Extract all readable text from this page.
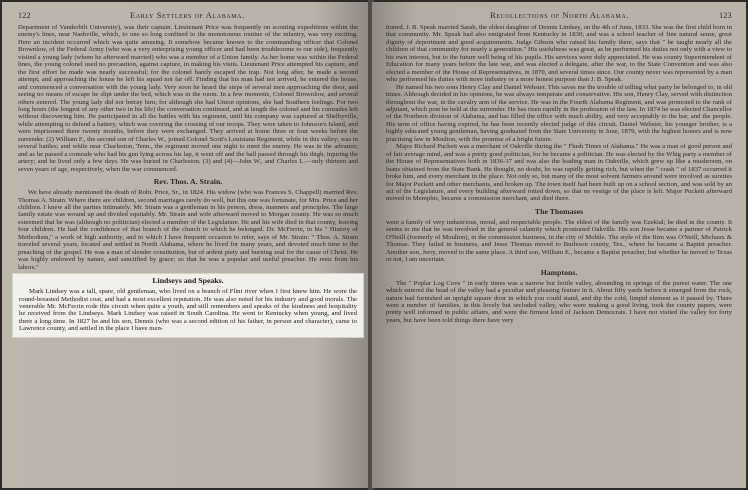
122	Early Settlers of Alabama.

Department of Vanderbilt University), was their captain. Lieutenant Price was frequently on scouting expeditions within the enemy's lines, near Nashville, which, to one so long confined to the monotonous routine of the infantry, was very exciting. Here an incident occurred which was quite amusing. It somehow became known to the commanding officer that Colonel Brownlow, of the Federal Army (who was a very enterprising young officer and had been troublesome to our side), frequently visited a young lady (whom he afterward married) who was a member of a Union family. As her home was within the Federal lines, the young colonel used no precaution, against capture, in making his visits. Lieutenant Price attempted his capture, and the first effort he made was nearly successful; for the colonel barely escaped the trap. Not long after, he made a second attempt, and approaching the house he left his squad not far off. Finding that his man had not arrived, he entered the house, and commenced a conversation with the young lady. Very soon he heard the steps of several men approaching the door, and seeing no means of escape he slipt under the bed, which was in the room. In a few moments, Colonel Brownlow, and several others entered. The young lady did not betray him; for although she had Union opinions, she had Southern feelings. For two long hours (the longest of any other two in his life) the conversation continued, and at length the colonel and his comrades left without discovering him. He participated in all the battles with his regiment, until his company was captured at Shelbyville, while attempting to defend a battery, which was covering the crossing of our troops. They were taken to Johnson's Island, and were imprisoned there twenty months, before they were exchanged. They arrived at home three or four weeks before the surrender. (2) William F., the second son of Charles W., joined Colonel Scott's Louisiana Regiment, while in this valley; was in several battles; and while near Charleston, Tenn., the regiment moved one night to meet the enemy. He was in the advance; and as he passed a comrade who had his gun lying across his lap, it went off and the ball passed through his thigh, injuring the artery; and he lived only a few days. He was buried in Charleston. (3) and (4)—John W., and Charles L.—only thirteen and seven years of age, respectively, when the war commenced.

Rev. Thos. A. Strain.

We have already mentioned the death of Robt. Price, Sr., in 1824. His widow (who was Frances S. Chappell) married Rev. Thomas A. Strain. Where there are children, second marriages rarely do well, but this one was fortunate, for Mrs. Price and her children. I knew all the parties intimately. Mr. Strain was a gentleman in his person, dress, manners and principles. The large family estate was wound up and divided equitably. Mr. Strain and wife afterward moved to Morgan county. He was so much esteemed that he was (although no politician) elected a member of the Legislature. He and his wife died in that county, leaving four children. He had the confidence of that branch of the church to which he belonged. Dr. McFerrin, in his " History of Methodism," a work of high authority, and to which I have frequent occasion to refer, says of Mr. Strain: " Thos. A. Strain traveled several years, located and settled in North Alabama, where he lived for many years, and devoted much time to the preaching of the gospel. He was a man of slender constitution, but of ardent piety and burning zeal for the cause of Christ. He was highly endowed by nature, and sanctified by grace; so that he was a popular and useful preacher. He rests from his labors."

Lindseys and Speaks.

Mark Lindsey was a tall, spare, old gentleman, who lived on a branch of Flint river when I first knew him. He wore the round-breasted Methodist coat, and had a most excellent reputation. He was also noted for his industry and good morals. The venerable Mr. McFerrin rode this circuit when quite a youth, and still remembers and speaks of the kindness and hospitality he received from the Lindseys. Mark Lindsey was raised in South Carolina. He went to Kentucky when young, and lived there a long time. In 1827 he and his son, Dennis (who was a second edition of his father, in person and character), came to Lawrence county, and settled in the place I have men-

Recollections of North Alabama.	123

tioned. J. B. Speak married Sarah, the eldest daughter of Dennis Lindsey, on the 4th of June, 1833. She was the first child born in that community. Mr. Speak had also emigrated from Kentucky in 1830; and was a school teacher of fine natural sense, great dignity of deportment and good acquirements. Judge Gibson who raised his family there, says that " he taught nearly all the children of that community for nearly a generation." His usefulness was great, as he performed his duties not only with a view to his own interest, but to the future well being of his pupils. His services were duly appreciated. He was county Superintendent of Education for many years before the late war, and was elected a delegate, after the war, to the State Convention and was also elected a member of the House of Representatives, in 1870, and several times since. Our county never was represented by a man who performed his duties with more industry or a more honest purpose than J. B. Speak.

He named his two sons Henry Clay and Daniel Webster. This saves me the trouble of telling what party he belonged to, in old times. Although decided in his opinions, he was always temperate and conservative. His son, Henry Clay, served with distinction throughout the war, in the cavalry arm of the service. He was in the Fourth Alabama Regiment, and was promoted to the rank of adjutant, which post he held at the surrender. He has risen rapidly in the profession of the law. In 1874 he was elected Chancellor of the Northern division of Alabama, and has filled the office with much ability, and very acceptably to the bar, and the people. His term of office having expired, he has been recently elected judge of this circuit. Daniel Webster, his younger brother, is a highly educated young gentleman, having graduated from the State University in June, 1879, with the highest honors and is now practising law in Moulton, with the promise of a bright future.

Major Richard Puckett was a merchant of Oakville during the " Flush Times of Alabama." He was a man of good person and of fair average mind, and was a pretty good politician, for he became a politician. He was elected by the Whig party a member of the House of Representatives both in 1836-37 and was also the leading man in Oakville, which grew up like a mushroom, on loans obtained from the State Bank. He thought, no doubt, he was rapidly getting rich, but when the " crash " of 1837 occurred it broke him, and every merchant in the place. Not only so, but many of the most solvent farmers around were involved as sureties for Major Puckett and other merchants, and broken up. The town itself had been built up on a school section, and was sold by an act of the Legislature, and every building afterward rotted down, so that no vestige of the place is left. Major Puckett afterward moved to Memphis, became a commission merchant, and died there.

The Thomases

were a family of very industrious, moral, and respectable people. The eldest of the family was Ezekial; he died in the county. It seems to me that he was involved in the general calamity which prostrated Oakville. His son Jesse became a partner of Patrick O'Neill (formerly of Moulton), in the commission business, in the city of Mobile. The style of the firm was O'Neill, Michaux & Thomas. They failed in business, and Jesse Thomas moved to Burleson county, Tex., where he became a Baptist preacher. Another son, Jerry, moved to the same place. A third son, William E., became a Baptist preacher, but whether he moved to Texas or not, I am uncertain.

Hamptons.

The " Poplar Log Cove " in early times was a narrow but fertile valley, abounding in springs of the purest water. The one which entered the head of the valley had a peculiar and pleasing feature in it. About fifty yards before it emerged from the rock, nature had furnished an upright square door in which you could stand, and dip the cold, limpid element as it passed by. There were a number of families, in this lovely but secluded valley, who were making a good living, took the county papers, were pretty well informed in public affairs, and were the firmest kind of Jackson Democrats. I have not visited the valley for forty years, but have been told things there have very
